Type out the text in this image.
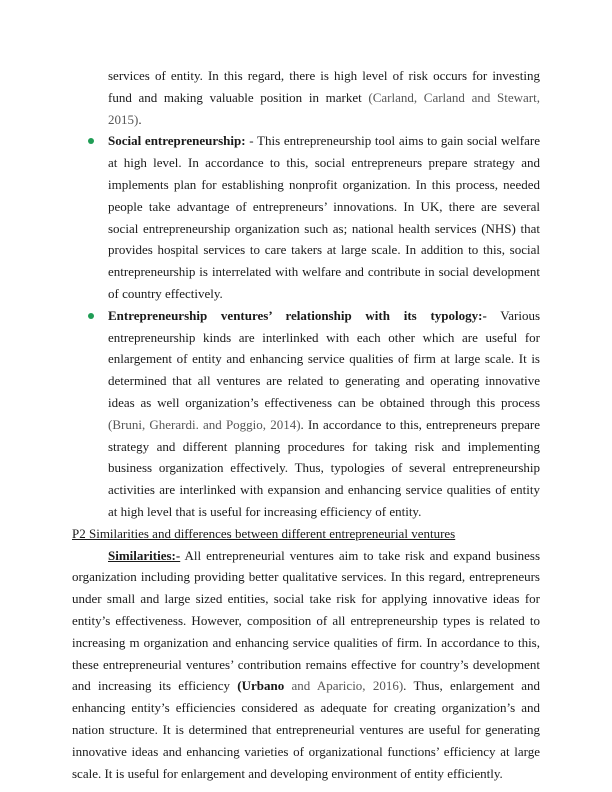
services of entity. In this regard, there is high level of risk occurs for investing fund and making valuable position in market (Carland, Carland and Stewart, 2015).

Social entrepreneurship: - This entrepreneurship tool aims to gain social welfare at high level. In accordance to this, social entrepreneurs prepare strategy and implements plan for establishing nonprofit organization. In this process, needed people take advantage of entrepreneurs’ innovations. In UK, there are several social entrepreneurship organization such as; national health services (NHS) that provides hospital services to care takers at large scale. In addition to this, social entrepreneurship is interrelated with welfare and contribute in social development of country effectively.
Entrepreneurship ventures’ relationship with its typology:- Various entrepreneurship kinds are interlinked with each other which are useful for enlargement of entity and enhancing service qualities of firm at large scale. It is determined that all ventures are related to generating and operating innovative ideas as well organization’s effectiveness can be obtained through this process (Bruni, Gherardi. and Poggio, 2014). In accordance to this, entrepreneurs prepare strategy and different planning procedures for taking risk and implementing business organization effectively. Thus, typologies of several entrepreneurship activities are interlinked with expansion and enhancing service qualities of entity at high level that is useful for increasing efficiency of entity.
P2 Similarities and differences between different entrepreneurial ventures

Similarities:- All entrepreneurial ventures aim to take risk and expand business organization including providing better qualitative services. In this regard, entrepreneurs under small and large sized entities, social take risk for applying innovative ideas for entity’s effectiveness. However, composition of all entrepreneurship types is related to increasing m organization and enhancing service qualities of firm. In accordance to this, these entrepreneurial ventures’ contribution remains effective for country’s development and increasing its efficiency (Urbano and Aparicio, 2016). Thus, enlargement and enhancing entity’s efficiencies considered as adequate for creating organization’s and nation structure. It is determined that entrepreneurial ventures are useful for generating innovative ideas and enhancing varieties of organizational functions’ efficiency at large scale. It is useful for enlargement and developing environment of entity efficiently.
